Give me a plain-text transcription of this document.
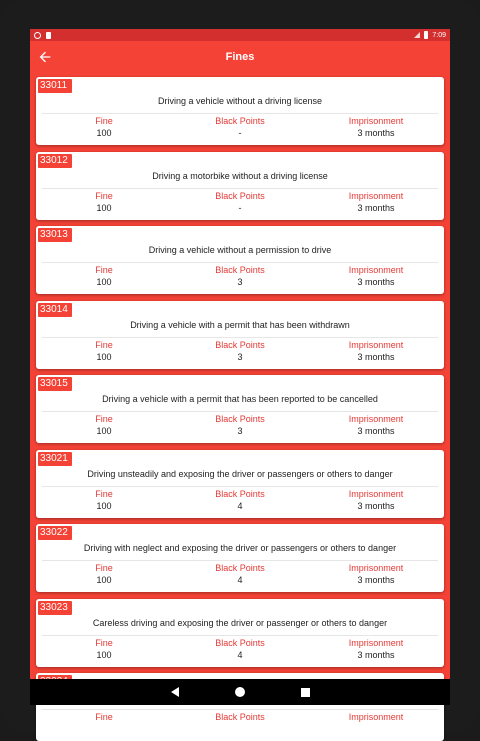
7:09
Fines
33011
Driving a vehicle without a driving license
Fine
100
Black Points
-
Imprisonment
3 months
33012
Driving a motorbike without a driving license
Fine
100
Black Points
-
Imprisonment
3 months
33013
Driving a vehicle without a permission to drive
Fine
100
Black Points
3
Imprisonment
3 months
33014
Driving a vehicle with a permit that has been withdrawn
Fine
100
Black Points
3
Imprisonment
3 months
33015
Driving a vehicle with a permit that has been reported to be cancelled
Fine
100
Black Points
3
Imprisonment
3 months
33021
Driving unsteadily and exposing the driver or passengers or others to danger
Fine
100
Black Points
4
Imprisonment
3 months
33022
Driving with neglect and exposing the driver or passengers or others to danger
Fine
100
Black Points
4
Imprisonment
3 months
33023
Careless driving and exposing the driver or passenger or others to danger
Fine
100
Black Points
4
Imprisonment
3 months
Fine	Black Points	Imprisonment
